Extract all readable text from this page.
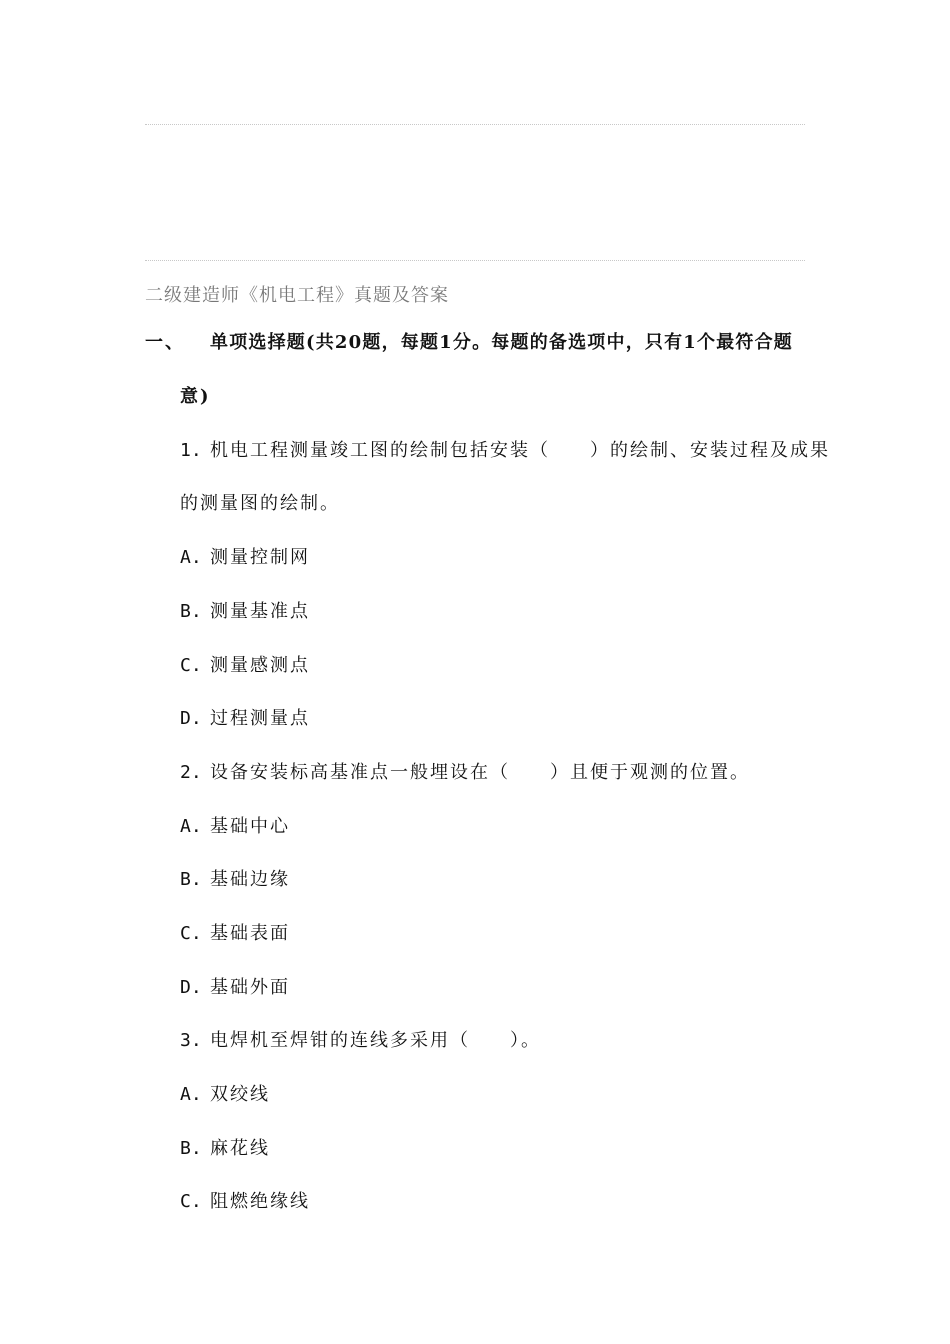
二级建造师《机电工程》真题及答案
一、 单项选择题(共20题，每题1分。每题的备选项中，只有1个最符合题
意)
1. 机电工程测量竣工图的绘制包括安装（　　）的绘制、安装过程及成果
的测量图的绘制。
A. 测量控制网
B. 测量基准点
C. 测量感测点
D. 过程测量点
2. 设备安装标高基准点一般埋设在（　　）且便于观测的位置。
A. 基础中心
B. 基础边缘
C. 基础表面
D. 基础外面
3. 电焊机至焊钳的连线多采用（　　）。
A. 双绞线
B. 麻花线
C. 阻燃绝缘线
